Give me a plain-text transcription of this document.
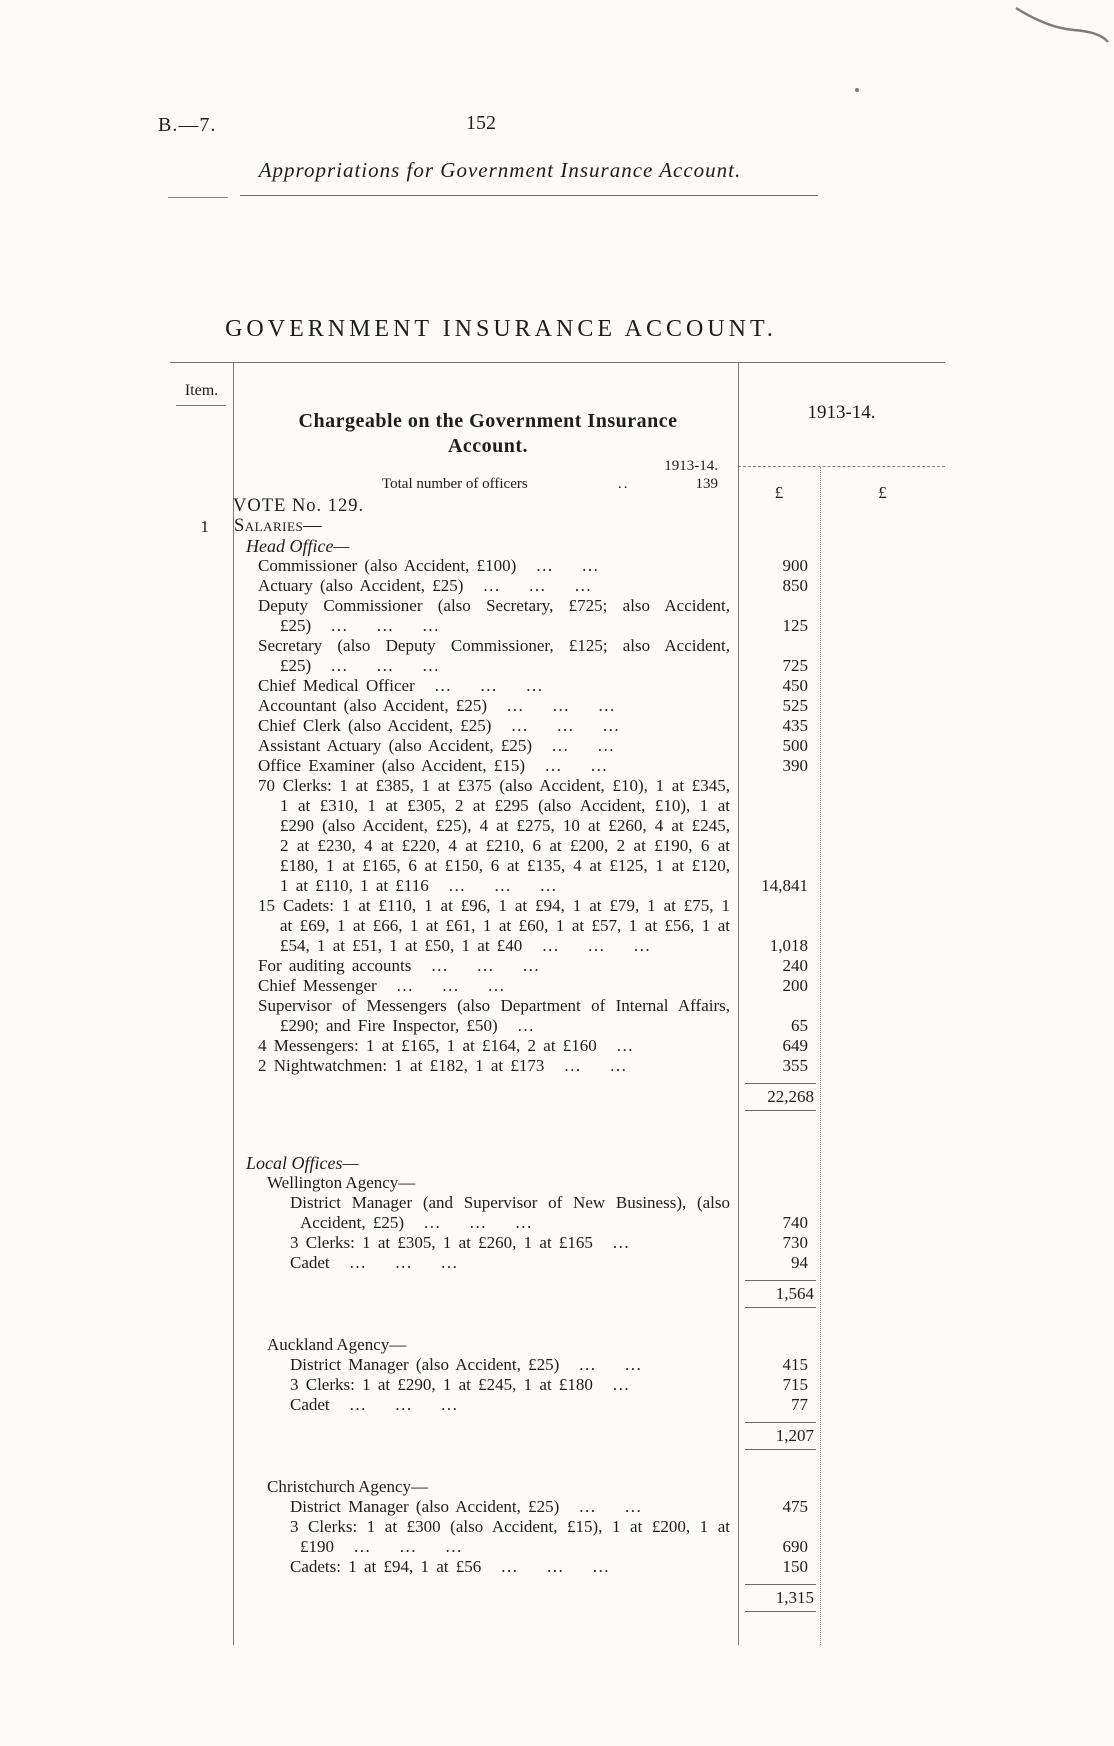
B.—7.	152
Appropriations for Government Insurance Account.
GOVERNMENT INSURANCE ACCOUNT.
Item.
Chargeable on the Government Insurance Account.
1913-14.
Total number of officers	..	139
1913-14.
£	£
VOTE No. 129.
1 Salaries—
Head Office—
Commissioner (also Accident, £100)  ...  ...	900
Actuary (also Accident, £25)  ...  ...  ...	850
Deputy Commissioner (also Secretary, £725; also Accident, £25)  ...  ...  ...	125
Secretary (also Deputy Commissioner, £125; also Accident, £25)  ...  ...  ...	725
Chief Medical Officer  ...  ...  ...	450
Accountant (also Accident, £25)  ...  ...  ...	525
Chief Clerk (also Accident, £25)  ...  ...  ...	435
Assistant Actuary (also Accident, £25)  ...  ...	500
Office Examiner (also Accident, £15)  ...  ...	390
70 Clerks: 1 at £385, 1 at £375 (also Accident, £10), 1 at £345, 1 at £310, 1 at £305, 2 at £295 (also Accident, £10), 1 at £290 (also Accident, £25), 4 at £275, 10 at £260, 4 at £245, 2 at £230, 4 at £220, 4 at £210, 6 at £200, 2 at £190, 6 at £180, 1 at £165, 6 at £150, 6 at £135, 4 at £125, 1 at £120, 1 at £110, 1 at £116  ...  ...  ...	14,841
15 Cadets: 1 at £110, 1 at £96, 1 at £94, 1 at £79, 1 at £75, 1 at £69, 1 at £66, 1 at £61, 1 at £60, 1 at £57, 1 at £56, 1 at £54, 1 at £51, 1 at £50, 1 at £40  ...  ...  ...	1,018
For auditing accounts  ...  ...  ...	240
Chief Messenger  ...  ...  ...	200
Supervisor of Messengers (also Department of Internal Affairs, £290; and Fire Inspector, £50)  ...	65
4 Messengers: 1 at £165, 1 at £164, 2 at £160  ...	649
2 Nightwatchmen: 1 at £182, 1 at £173  ...  ...	355
22,268
Local Offices—
Wellington Agency—
District Manager (and Supervisor of New Business), (also Accident, £25)  ...  ...  ...	740
3 Clerks: 1 at £305, 1 at £260, 1 at £165  ...	730
Cadet  ...  ...  ...	94
1,564
Auckland Agency—
District Manager (also Accident, £25)  ...  ...	415
3 Clerks: 1 at £290, 1 at £245, 1 at £180  ...	715
Cadet  ...  ...  ...	77
1,207
Christchurch Agency—
District Manager (also Accident, £25)  ...  ...	475
3 Clerks: 1 at £300 (also Accident, £15), 1 at £200, 1 at £190  ...  ...  ...	690
Cadets: 1 at £94, 1 at £56  ...  ...  ...	150
1,315
